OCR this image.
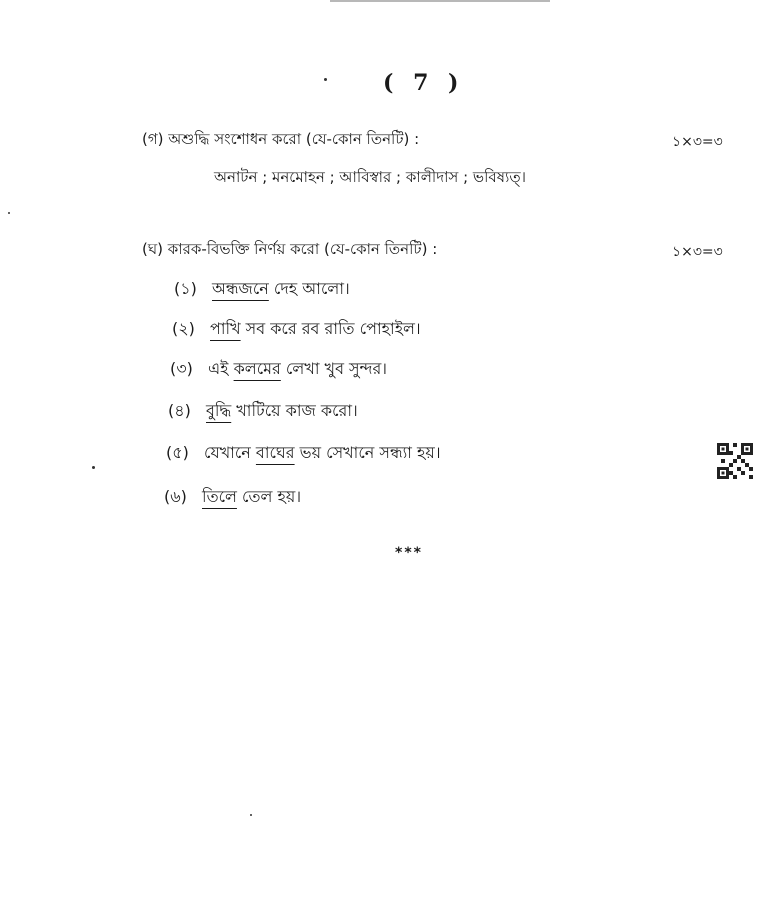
( 7 )
(গ) অশুদ্ধি সংশোধন করো (যে-কোন তিনটি) :	১×৩=৩
অনাটন ; মনমোহন ; আবিস্বার ; কালীদাস ; ভবিষ্যত্‌।
(ঘ) কারক-বিভক্তি নির্ণয় করো (যে-কোন তিনটি) :	১×৩=৩
(১) অন্ধজনে দেহ আলো।
(২) পাখি সব করে রব রাতি পোহাইল।
(৩) এই কলমের লেখা খুব সুন্দর।
(৪) বুদ্ধি খাটিয়ে কাজ করো।
(৫) যেখানে বাঘের ভয় সেখানে সন্ধ্যা হয়।
(৬) তিলে তেল হয়।
***
